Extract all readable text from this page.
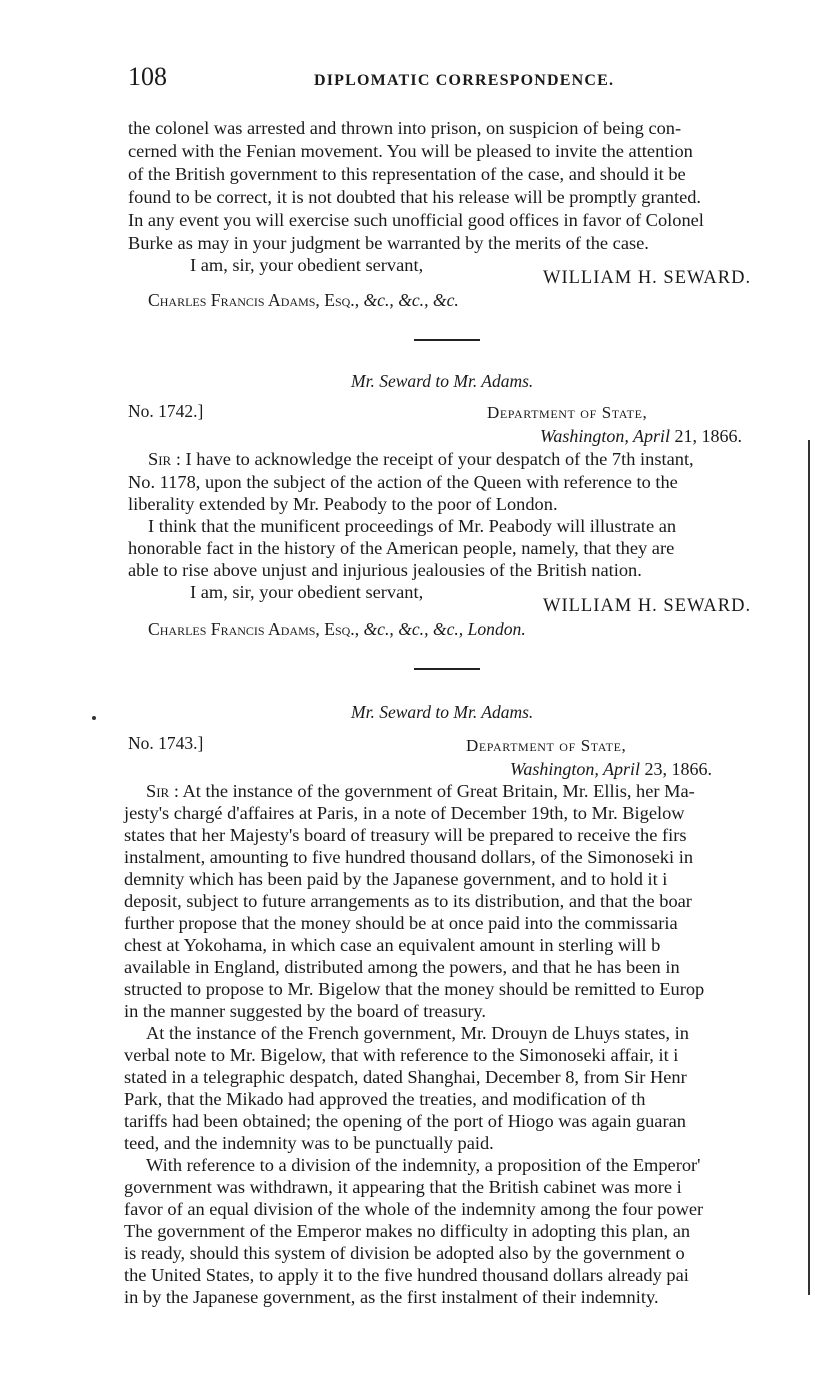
108	DIPLOMATIC CORRESPONDENCE.
the colonel was arrested and thrown into prison, on suspicion of being con-
cerned with the Fenian movement. You will be pleased to invite the attention
of the British government to this representation of the case, and should it be
found to be correct, it is not doubted that his release will be promptly granted.
In any event you will exercise such unofficial good offices in favor of Colonel
Burke as may in your judgment be warranted by the merits of the case.
I am, sir, your obedient servant,
WILLIAM H. SEWARD.
Charles Francis Adams, Esq., &c., &c., &c.
Mr. Seward to Mr. Adams.
No. 1742.]	Department of State,
Washington, April 21, 1866.
Sir : I have to acknowledge the receipt of your despatch of the 7th instant,
No. 1178, upon the subject of the action of the Queen with reference to the
liberality extended by Mr. Peabody to the poor of London.
I think that the munificent proceedings of Mr. Peabody will illustrate an
honorable fact in the history of the American people, namely, that they are
able to rise above unjust and injurious jealousies of the British nation.
I am, sir, your obedient servant,
WILLIAM H. SEWARD.
Charles Francis Adams, Esq., &c., &c., &c., London.
Mr. Seward to Mr. Adams.
No. 1743.]	Department of State,
Washington, April 23, 1866.
Sir : At the instance of the government of Great Britain, Mr. Ellis, her Ma-
jesty's chargé d'affaires at Paris, in a note of December 19th, to Mr. Bigelow
states that her Majesty's board of treasury will be prepared to receive the firs
instalment, amounting to five hundred thousand dollars, of the Simonoseki in
demnity which has been paid by the Japanese government, and to hold it i
deposit, subject to future arrangements as to its distribution, and that the boar
further propose that the money should be at once paid into the commissaria
chest at Yokohama, in which case an equivalent amount in sterling will b
available in England, distributed among the powers, and that he has been in
structed to propose to Mr. Bigelow that the money should be remitted to Europ
in the manner suggested by the board of treasury.
At the instance of the French government, Mr. Drouyn de Lhuys states, in
verbal note to Mr. Bigelow, that with reference to the Simonoseki affair, it i
stated in a telegraphic despatch, dated Shanghai, December 8, from Sir Henr
Park, that the Mikado had approved the treaties, and modification of th
tariffs had been obtained; the opening of the port of Hiogo was again guaran
teed, and the indemnity was to be punctually paid.
With reference to a division of the indemnity, a proposition of the Emperor'
government was withdrawn, it appearing that the British cabinet was more i
favor of an equal division of the whole of the indemnity among the four power
The government of the Emperor makes no difficulty in adopting this plan, an
is ready, should this system of division be adopted also by the government o
the United States, to apply it to the five hundred thousand dollars already pai
in by the Japanese government, as the first instalment of their indemnity.
